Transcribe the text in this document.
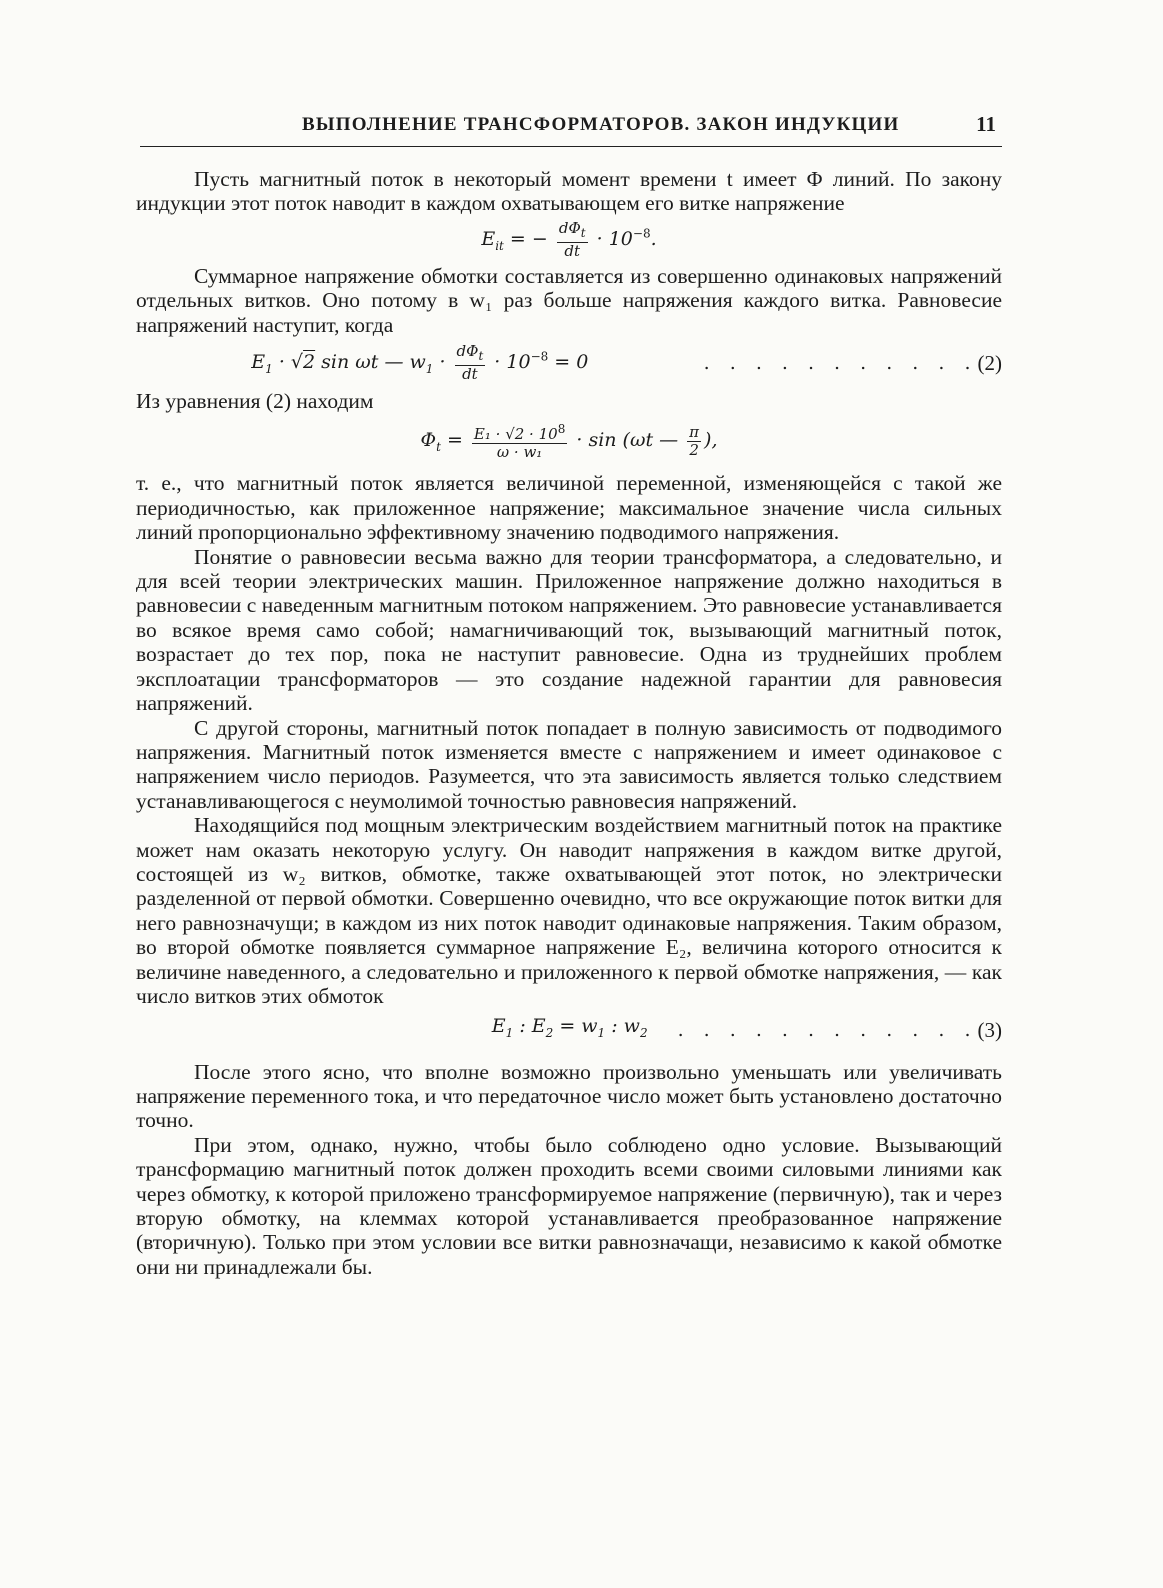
ВЫПОЛНЕНИЕ ТРАНСФОРМАТОРОВ. ЗАКОН ИНДУКЦИИ	11

Пусть магнитный поток в некоторый момент времени t имеет Φ линий. По закону индукции этот поток наводит в каждом охватывающем его витке напряжение

$E_{it}$ = − $\frac{d\Phi_t}{dt} \cdot 10^{-8}$.

Суммарное напряжение обмотки составляется из совершенно одинаковых напряжений отдельных витков. Оно потому в w₁ раз больше напряжения каждого витка. Равновесие напряжений наступит, когда

$E_1 \cdot √2$ sin ωt — $w_1 \cdot \frac{d\Phi_t}{dt} \cdot 10^{-8} = 0$	. . . . . . . . . . . (2)

Из уравнения (2) находим

$\Phi_t = \frac{E_1 \cdot √2 \cdot 10^8}{\text{ω · w₁}} \cdot \sin (\omega t$ — $\frac{\pi}{2}$ ),

т. е., что магнитный поток является величиной переменной, изменяющейся с такой же периодичностью, как приложенное напряжение; максимальное значение числа сильных линий пропорционально эффективному значению подводимого напряжения.

Понятие о равновесии весьма важно для теории трансформатора, а следовательно, и для всей теории электрических машин. Приложенное напряжение должно находиться в равновесии с наведенным магнитным потоком напряжением. Это равновесие устанавливается во всякое время само собой; намагничивающий ток, вызывающий магнитный поток, возрастает до тех пор, пока не наступит равновесие. Одна из труднейших проблем эксплоатации трансформаторов — это создание надежной гарантии для равновесия напряжений.

С другой стороны, магнитный поток попадает в полную зависимость от подводимого напряжения. Магнитный поток изменяется вместе с напряжением и имеет одинаковое с напряжением число периодов. Разумеется, что эта зависимость является только следствием устанавливающегося с неумолимой точностью равновесия напряжений.

Находящийся под мощным электрическим воздействием магнитный поток на практике может нам оказать некоторую услугу. Он наводит напряжения в каждом витке другой, состоящей из w₂ витков, обмотке, также охватывающей этот поток, но электрически разделенной от первой обмотки. Совершенно очевидно, что все окружающие поток витки для него равнозначущи; в каждом из них поток наводит одинаковые напряжения. Таким образом, во второй обмотке появляется суммарное напряжение E₂, величина которого относится к величине наведенного, а следовательно и приложенного к первой обмотке напряжения, — как число витков этих обмоток

$E_1$ : $E_2 = w_1$ : $w_2$	. . . . . . . . . . . . (3)

После этого ясно, что вполне возможно произвольно уменьшать или увеличивать напряжение переменного тока, и что передаточное число может быть установлено достаточно точно.

При этом, однако, нужно, чтобы было соблюдено одно условие. Вызывающий трансформацию магнитный поток должен проходить всеми своими силовыми линиями как через обмотку, к которой приложено трансформируемое напряжение (первичную), так и через вторую обмотку, на клеммах которой устанавливается преобразованное напряжение (вторичную). Только при этом условии все витки равнозначащи, независимо к какой обмотке они ни принадлежали бы.
